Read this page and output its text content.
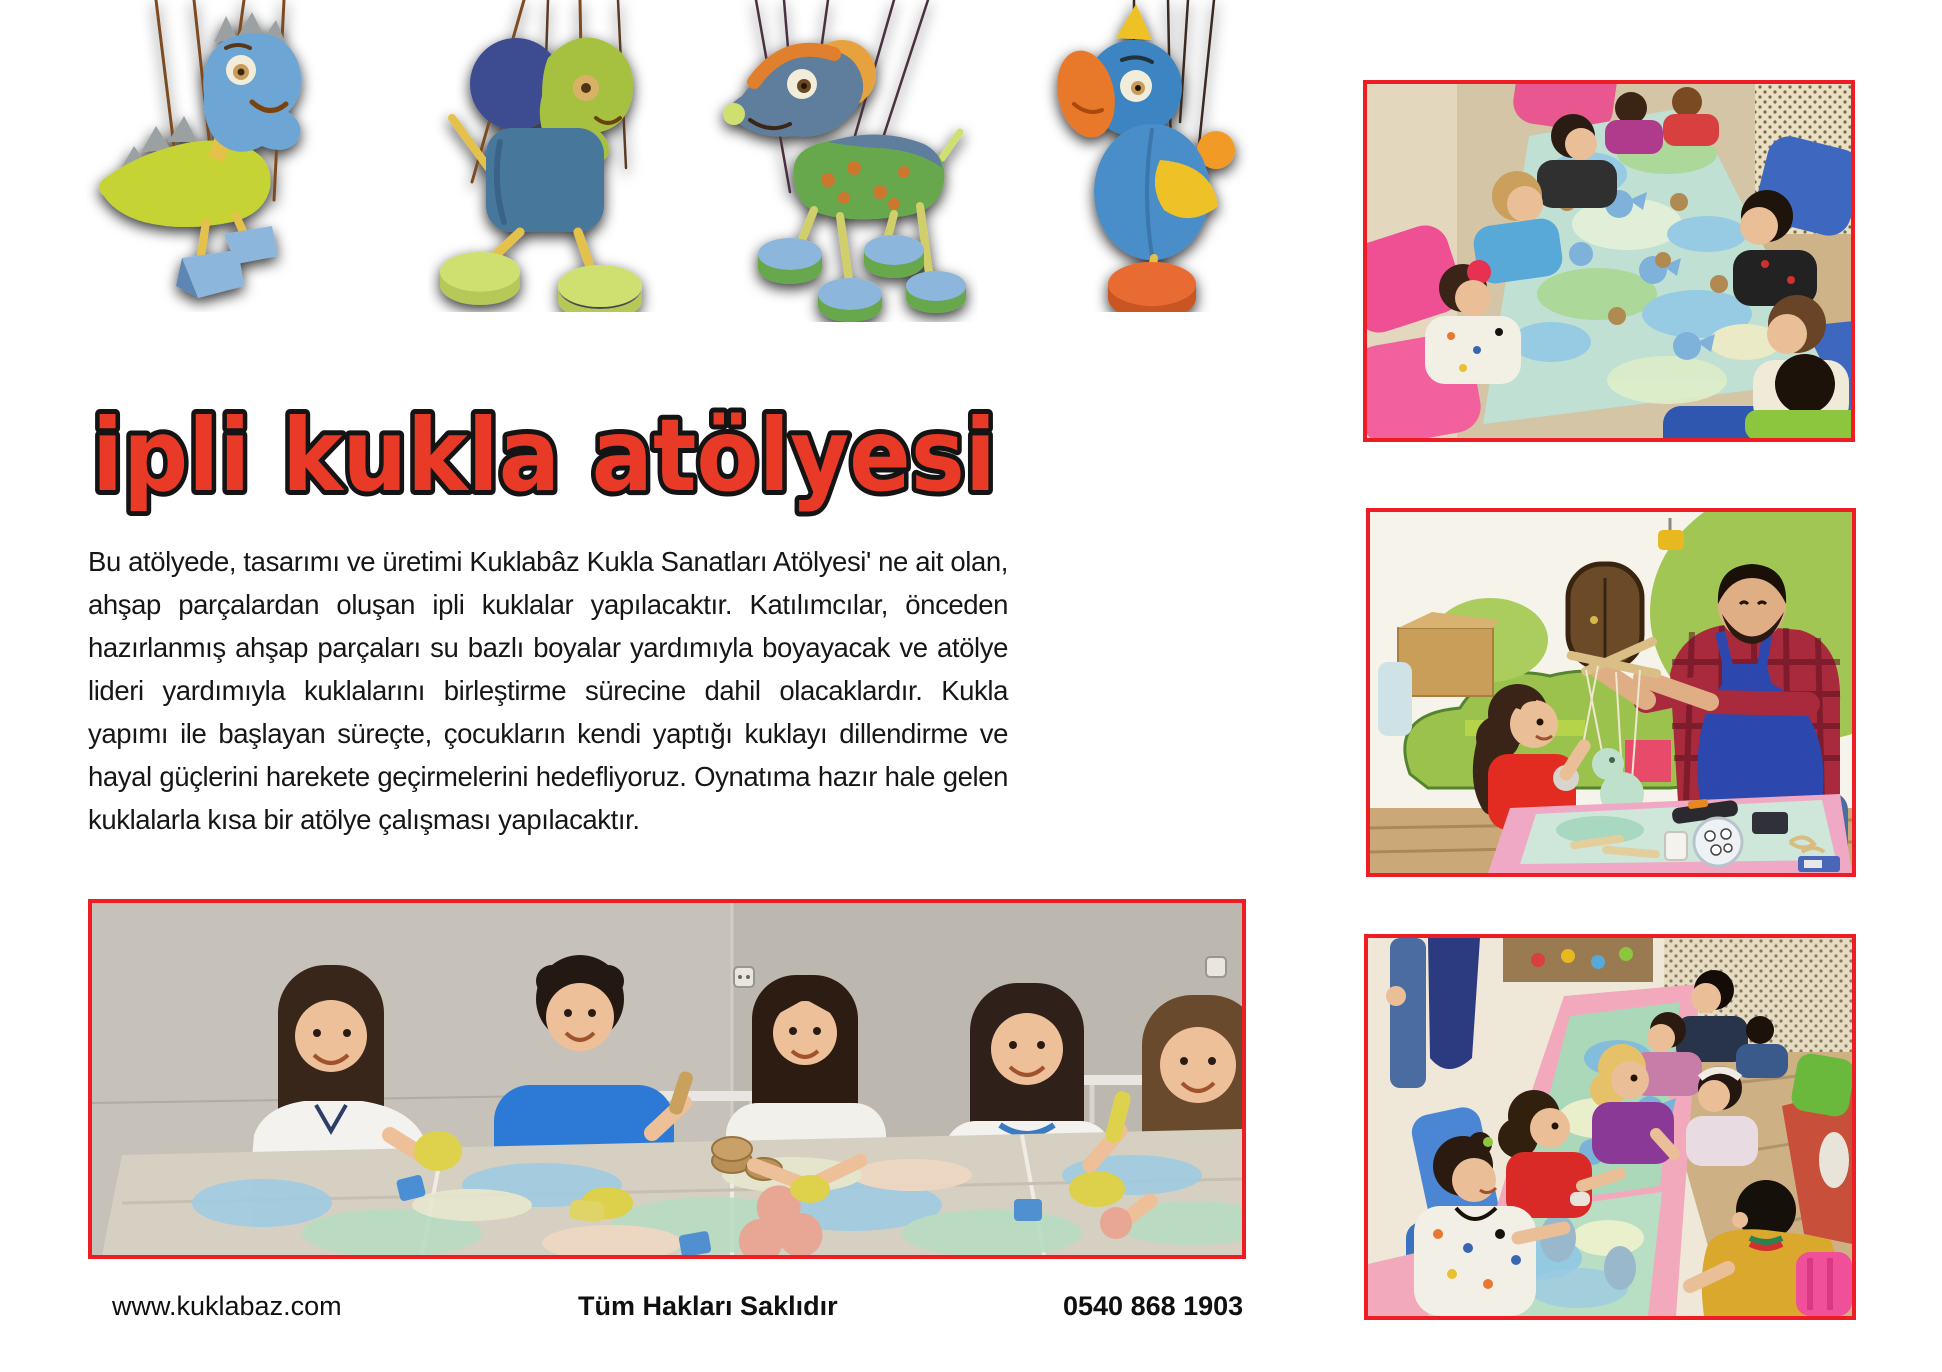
ipli kukla atölyesi
Bu atölyede, tasarımı ve üretimi Kuklabâz Kukla Sanatları Atölyesi' ne ait olan, ahşap parçalardan oluşan ipli kuklalar yapılacaktır. Katılımcılar, önceden hazırlanmış ahşap parçaları su bazlı boyalar yardımıyla boyayacak ve atölye lideri yardımıyla kuklalarını birleştirme sürecine dahil olacaklardır. Kukla yapımı ile başlayan süreçte, çocukların kendi yaptığı kuklayı dillendirme ve hayal güçlerini harekete geçirmelerini hedefliyoruz. Oynatıma hazır hale gelen kuklalarla kısa bir atölye çalışması yapılacaktır.
www.kuklabaz.com	Tüm Hakları Saklıdır	0540 868 1903
